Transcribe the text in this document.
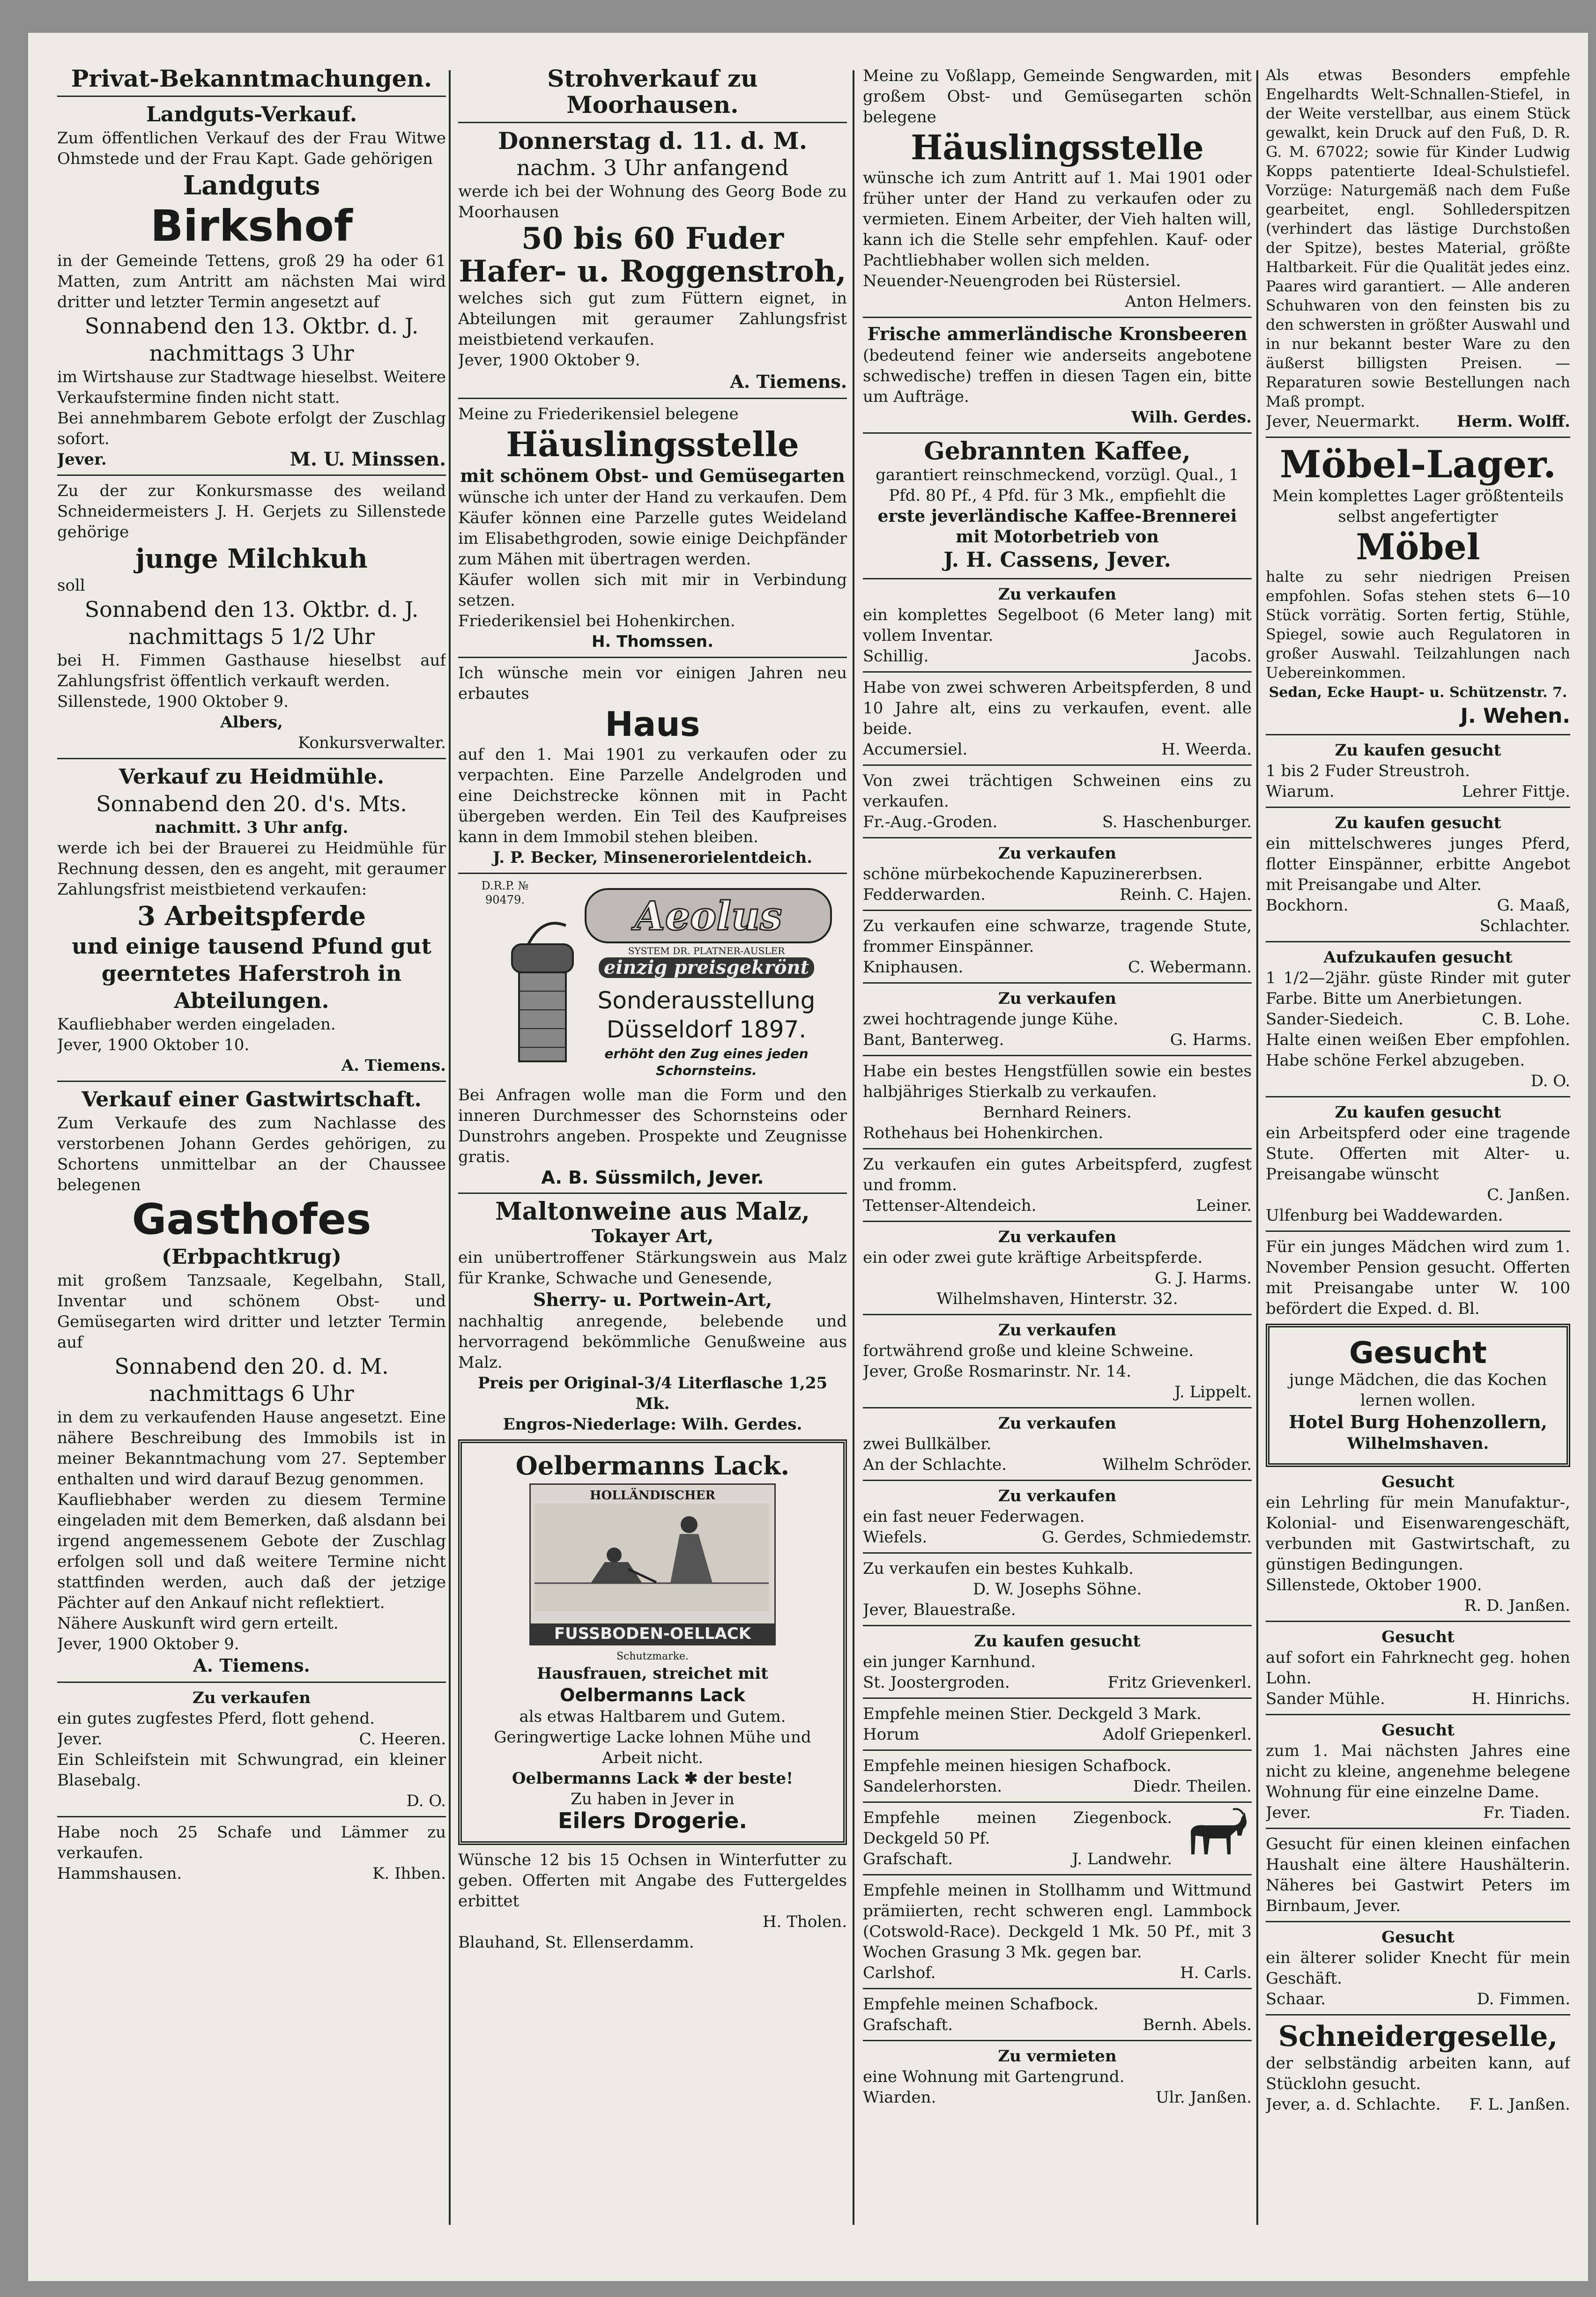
Privat-Bekanntmachungen.

Landguts-Verkauf.

Zum öffentlichen Verkauf des der Frau Witwe Ohmstede und der Frau Kapt. Gade gehörigen

Landguts

Birkshof

in der Gemeinde Tettens, groß 29 ha oder 61 Matten, zum Antritt am nächsten Mai wird dritter und letzter Termin angesetzt auf

Sonnabend den 13. Oktbr. d. J.

nachmittags 3 Uhr

im Wirtshause zur Stadtwage hieselbst. Weitere Verkaufstermine finden nicht statt.

Bei annehmbarem Gebote erfolgt der Zuschlag sofort.

Jever.	M. U. Minssen.

Zu der zur Konkursmasse des weiland Schneidermeisters J. H. Gerjets zu Sillenstede gehörige

junge Milchkuh

soll

Sonnabend den 13. Oktbr. d. J.

nachmittags 5 1/2 Uhr

bei H. Fimmen Gasthause hieselbst auf Zahlungsfrist öffentlich verkauft werden.

Sillenstede, 1900 Oktober 9.

Albers,

Konkursverwalter.

Verkauf zu Heidmühle.

Sonnabend den 20. d's. Mts.

nachmitt. 3 Uhr anfg.

werde ich bei der Brauerei zu Heidmühle für Rechnung dessen, den es angeht, mit geraumer Zahlungsfrist meistbietend verkaufen:

3 Arbeitspferde

und einige tausend Pfund gut geerntetes Haferstroh in Abteilungen.

Kaufliebhaber werden eingeladen.

Jever, 1900 Oktober 10.

A. Tiemens.

Verkauf einer Gastwirtschaft.

Zum Verkaufe des zum Nachlasse des verstorbenen Johann Gerdes gehörigen, zu Schortens unmittelbar an der Chaussee belegenen

Gasthofes

(Erbpachtkrug)

mit großem Tanzsaale, Kegelbahn, Stall, Inventar und schönem Obst- und Gemüsegarten wird dritter und letzter Termin auf

Sonnabend den 20. d. M.

nachmittags 6 Uhr

in dem zu verkaufenden Hause angesetzt. Eine nähere Beschreibung des Immobils ist in meiner Bekanntmachung vom 27. September enthalten und wird darauf Bezug genommen.

Kaufliebhaber werden zu diesem Termine eingeladen mit dem Bemerken, daß alsdann bei irgend angemessenem Gebote der Zuschlag erfolgen soll und daß weitere Termine nicht stattfinden werden, auch daß der jetzige Pächter auf den Ankauf nicht reflektiert.

Nähere Auskunft wird gern erteilt.

Jever, 1900 Oktober 9.

A. Tiemens.

Zu verkaufen

ein gutes zugfestes Pferd, flott gehend.

Jever.	C. Heeren.

Ein Schleifstein mit Schwungrad, ein kleiner Blasebalg.

D. O.

Habe noch 25 Schafe und Lämmer zu verkaufen.

Hammshausen.	K. Ihben.

Strohverkauf zu Moorhausen.

Donnerstag d. 11. d. M.

nachm. 3 Uhr anfangend

werde ich bei der Wohnung des Georg Bode zu Moorhausen

50 bis 60 Fuder

Hafer- u. Roggenstroh,

welches sich gut zum Füttern eignet, in Abteilungen mit geraumer Zahlungsfrist meistbietend verkaufen.

Jever, 1900 Oktober 9.

A. Tiemens.

Meine zu Friederikensiel belegene

Häuslingsstelle

mit schönem Obst- und Gemüsegarten

wünsche ich unter der Hand zu verkaufen. Dem Käufer können eine Parzelle gutes Weideland im Elisabethgroden, sowie einige Deichpfänder zum Mähen mit übertragen werden.

Käufer wollen sich mit mir in Verbindung setzen.

Friederikensiel bei Hohenkirchen.

H. Thomssen.

Ich wünsche mein vor einigen Jahren neu erbautes

Haus

auf den 1. Mai 1901 zu verkaufen oder zu verpachten. Eine Parzelle Andelgroden und eine Deichstrecke können mit in Pacht übergeben werden. Ein Teil des Kaufpreises kann in dem Immobil stehen bleiben.

J. P. Becker, Minsenerorielentdeich.

D.R.P. № 90479.	Aeolus

SYSTEM DR. PLATNER-AUSLER

einzig preisgekrönt

Sonderausstellung

Düsseldorf 1897.

erhöht den Zug eines jeden Schornsteins.

Bei Anfragen wolle man die Form und den inneren Durchmesser des Schornsteins oder Dunstrohrs angeben. Prospekte und Zeugnisse gratis.

A. B. Süssmilch, Jever.

Maltonweine aus Malz,

Tokayer Art,

ein unübertroffener Stärkungswein aus Malz für Kranke, Schwache und Genesende,

Sherry- u. Portwein-Art,

nachhaltig anregende, belebende und hervorragend bekömmliche Genußweine aus Malz.

Preis per Original-3/4 Literflasche 1,25 Mk.

Engros-Niederlage: Wilh. Gerdes.

Oelbermanns Lack.

HOLLÄNDISCHER

FUSSBODEN-OELLACK

Schutzmarke.

Hausfrauen, streichet mit

Oelbermanns Lack

als etwas Haltbarem und Gutem. Geringwertige Lacke lohnen Mühe und Arbeit nicht.

Oelbermanns Lack ✱ der beste!

Zu haben in Jever in

Eilers Drogerie.

Wünsche 12 bis 15 Ochsen in Winterfutter zu geben. Offerten mit Angabe des Futtergeldes erbittet

H. Tholen.

Blauhand, St. Ellenserdamm.

Meine zu Voßlapp, Gemeinde Sengwarden, mit großem Obst- und Gemüsegarten schön belegene

Häuslingsstelle

wünsche ich zum Antritt auf 1. Mai 1901 oder früher unter der Hand zu verkaufen oder zu vermieten. Einem Arbeiter, der Vieh halten will, kann ich die Stelle sehr empfehlen. Kauf- oder Pachtliebhaber wollen sich melden.

Neuender-Neuengroden bei Rüstersiel.

Anton Helmers.

Frische ammerländische Kronsbeeren

(bedeutend feiner wie anderseits angebotene schwedische) treffen in diesen Tagen ein, bitte um Aufträge.

Wilh. Gerdes.

Gebrannten Kaffee,

garantiert reinschmeckend, vorzügl. Qual., 1 Pfd. 80 Pf., 4 Pfd. für 3 Mk., empfiehlt die

erste jeverländische Kaffee-Brennerei mit Motorbetrieb von

J. H. Cassens, Jever.

Zu verkaufen

ein komplettes Segelboot (6 Meter lang) mit vollem Inventar.

Schillig.	Jacobs.

Habe von zwei schweren Arbeitspferden, 8 und 10 Jahre alt, eins zu verkaufen, event. alle beide.

Accumersiel.	H. Weerda.

Von zwei trächtigen Schweinen eins zu verkaufen.

Fr.-Aug.-Groden.	S. Haschenburger.

Zu verkaufen

schöne mürbekochende Kapuzinererbsen.

Fedderwarden.	Reinh. C. Hajen.

Zu verkaufen eine schwarze, tragende Stute, frommer Einspänner.

Kniphausen.	C. Webermann.

Zu verkaufen

zwei hochtragende junge Kühe.

Bant, Banterweg.	G. Harms.

Habe ein bestes Hengstfüllen sowie ein bestes halbjähriges Stierkalb zu verkaufen.

Bernhard Reiners.

Rothehaus bei Hohenkirchen.

Zu verkaufen ein gutes Arbeitspferd, zugfest und fromm.

Tettenser-Altendeich.	Leiner.

Zu verkaufen

ein oder zwei gute kräftige Arbeitspferde.

G. J. Harms.

Wilhelmshaven, Hinterstr. 32.

Zu verkaufen

fortwährend große und kleine Schweine.

Jever, Große Rosmarinstr. Nr. 14.

J. Lippelt.

Zu verkaufen

zwei Bullkälber.

An der Schlachte.	Wilhelm Schröder.

Zu verkaufen

ein fast neuer Federwagen.

Wiefels.	G. Gerdes, Schmiedemstr.

Zu verkaufen ein bestes Kuhkalb.

D. W. Josephs Söhne.

Jever, Blauestraße.

Zu kaufen gesucht

ein junger Karnhund.

St. Joostergroden.	Fritz Grievenkerl.

Empfehle meinen Stier. Deckgeld 3 Mark.

Horum	Adolf Griepenkerl.

Empfehle meinen hiesigen Schafbock.

Sandelerhorsten.	Diedr. Theilen.

Empfehle meinen Ziegenbock. Deckgeld 50 Pf.

Grafschaft.	J. Landwehr.

Empfehle meinen in Stollhamm und Wittmund prämiierten, recht schweren engl. Lammbock (Cotswold-Race). Deckgeld 1 Mk. 50 Pf., mit 3 Wochen Grasung 3 Mk. gegen bar.

Carlshof.	H. Carls.

Empfehle meinen Schafbock.

Grafschaft.	Bernh. Abels.

Zu vermieten

eine Wohnung mit Gartengrund.

Wiarden.	Ulr. Janßen.

Als etwas Besonders empfehle Engelhardts Welt-Schnallen-Stiefel, in der Weite verstellbar, aus einem Stück gewalkt, kein Druck auf den Fuß, D. R. G. M. 67022; sowie für Kinder Ludwig Kopps patentierte Ideal-Schulstiefel. Vorzüge: Naturgemäß nach dem Fuße gearbeitet, engl. Sohllederspitzen (verhindert das lästige Durchstoßen der Spitze), bestes Material, größte Haltbarkeit. Für die Qualität jedes einz. Paares wird garantiert. — Alle anderen Schuhwaren von den feinsten bis zu den schwersten in größter Auswahl und in nur bekannt bester Ware zu den äußerst billigsten Preisen. — Reparaturen sowie Bestellungen nach Maß prompt.

Jever, Neuermarkt. Herm. Wolff.

Möbel-Lager.

Mein komplettes Lager größtenteils selbst angefertigter

Möbel

halte zu sehr niedrigen Preisen empfohlen. Sofas stehen stets 6—10 Stück vorrätig. Sorten fertig, Stühle, Spiegel, sowie auch Regulatoren in großer Auswahl. Teilzahlungen nach Uebereinkommen.

Sedan, Ecke Haupt- u. Schützenstr. 7.

J. Wehen.

Zu kaufen gesucht

1 bis 2 Fuder Streustroh.

Wiarum.	Lehrer Fittje.

Zu kaufen gesucht

ein mittelschweres junges Pferd, flotter Einspänner, erbitte Angebot mit Preisangabe und Alter.

Bockhorn.	G. Maaß,

Schlachter.

Aufzukaufen gesucht

1 1/2—2jähr. güste Rinder mit guter Farbe. Bitte um Anerbietungen.

Sander-Siedeich.	C. B. Lohe.

Halte einen weißen Eber empfohlen. Habe schöne Ferkel abzugeben.

D. O.

Zu kaufen gesucht

ein Arbeitspferd oder eine tragende Stute. Offerten mit Alter- u. Preisangabe wünscht

C. Janßen.

Ulfenburg bei Waddewarden.

Für ein junges Mädchen wird zum 1. November Pension gesucht. Offerten mit Preisangabe unter W. 100 befördert die Exped. d. Bl.

Gesucht

junge Mädchen, die das Kochen lernen wollen.

Hotel Burg Hohenzollern,

Wilhelmshaven.

Gesucht

ein Lehrling für mein Manufaktur-, Kolonial- und Eisenwarengeschäft, verbunden mit Gastwirtschaft, zu günstigen Bedingungen.

Sillenstede, Oktober 1900.

R. D. Janßen.

Gesucht

auf sofort ein Fahrknecht geg. hohen Lohn.

Sander Mühle.	H. Hinrichs.

Gesucht

zum 1. Mai nächsten Jahres eine nicht zu kleine, angenehme belegene Wohnung für eine einzelne Dame.

Jever.	Fr. Tiaden.

Gesucht für einen kleinen einfachen Haushalt eine ältere Haushälterin. Näheres bei Gastwirt Peters im Birnbaum, Jever.

Gesucht

ein älterer solider Knecht für mein Geschäft.

Schaar.	D. Fimmen.

Schneidergeselle,

der selbständig arbeiten kann, auf Stücklohn gesucht.

Jever, a. d. Schlachte. F. L. Janßen.
